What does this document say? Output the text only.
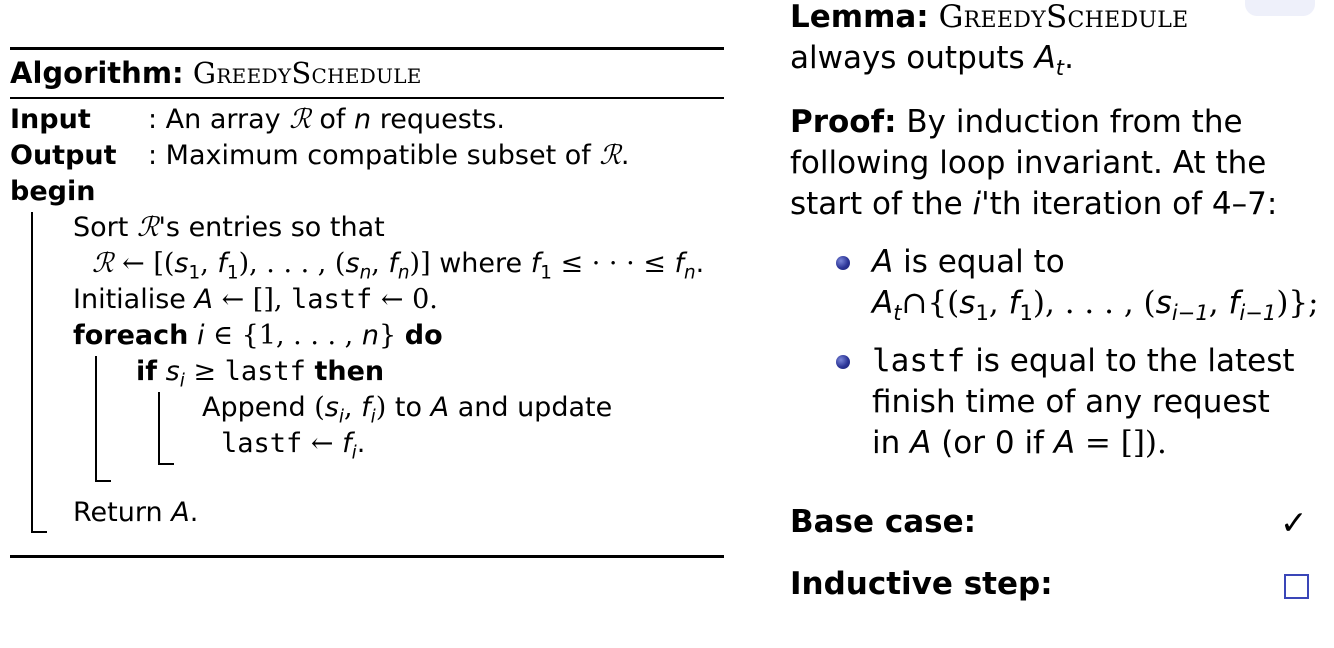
Algorithm: GreedySchedule
Input : An array ℛ of n requests.
Output : Maximum compatible subset of ℛ.
begin
Sort ℛ's entries so that
ℛ ← [($s_1$, $f_1$), . . . , ($s_n$, $f_n$)] where $f_1$ ≤ · · · ≤ $f_n$.
Initialise A ← [], lastf ← 0.
foreach i ∈ {1, . . . , n} do
if $s_i$ ≥ lastf then
Append ($s_i$, $f_i$) to A and update
lastf ← $f_i$.
Return A.
Lemma: GreedySchedule
always outputs $A_t$.
Proof: By induction from the
following loop invariant. At the
start of the i'th iteration of 4–7:
A is equal to
$A_t\cap\{(s_1$, $f_1$), . . . , ($s_{i-1}$, $f_{i-1}$)};
lastf is equal to the latest
finish time of any request
in A (or 0 if A = []).
Base case:	✓
Inductive step:
